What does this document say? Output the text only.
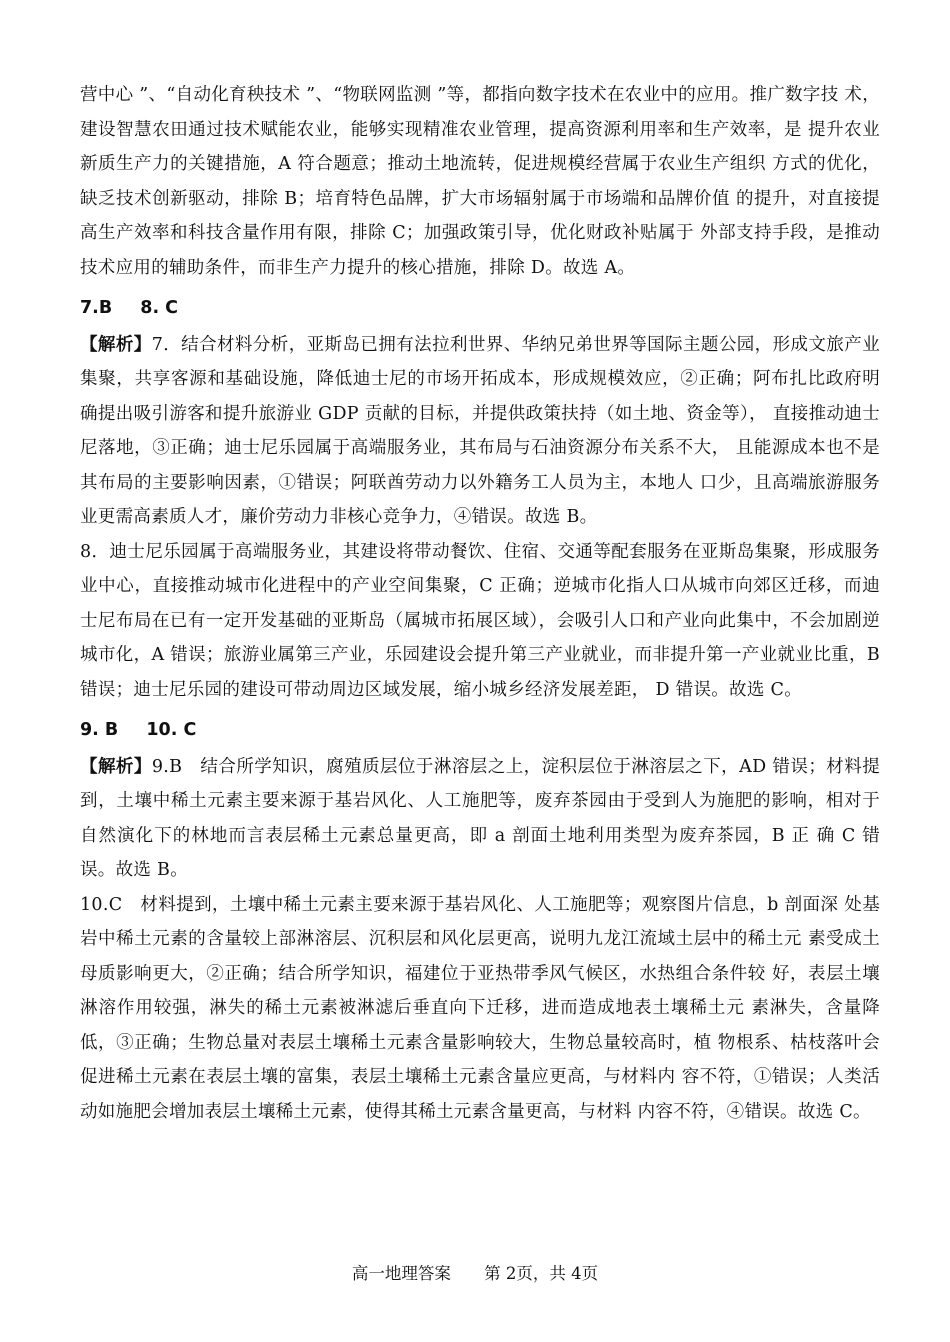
营中心 ”、“自动化育秧技术 ”、“物联网监测 ”等，都指向数字技术在农业中的应用。推广数字技 术，建设智慧农田通过技术赋能农业，能够实现精准农业管理，提高资源利用率和生产效率，是 提升农业新质生产力的关键措施，A 符合题意；推动土地流转，促进规模经营属于农业生产组织 方式的优化，缺乏技术创新驱动，排除 B；培育特色品牌，扩大市场辐射属于市场端和品牌价值 的提升，对直接提高生产效率和科技含量作用有限，排除 C；加强政策引导，优化财政补贴属于 外部支持手段，是推动技术应用的辅助条件，而非生产力提升的核心措施，排除 D。故选 A。

7.B 8. C

【解析】7．结合材料分析，亚斯岛已拥有法拉利世界、华纳兄弟世界等国际主题公园，形成文旅产业集聚，共享客源和基础设施，降低迪士尼的市场开拓成本，形成规模效应，②正确；阿布扎比政府明确提出吸引游客和提升旅游业 GDP 贡献的目标，并提供政策扶持（如土地、资金等）， 直接推动迪士尼落地，③正确；迪士尼乐园属于高端服务业，其布局与石油资源分布关系不大， 且能源成本也不是其布局的主要影响因素，①错误；阿联酋劳动力以外籍务工人员为主，本地人 口少，且高端旅游服务业更需高素质人才，廉价劳动力非核心竞争力，④错误。故选 B。

8．迪士尼乐园属于高端服务业，其建设将带动餐饮、住宿、交通等配套服务在亚斯岛集聚，形成服务业中心，直接推动城市化进程中的产业空间集聚，C 正确；逆城市化指人口从城市向郊区迁移，而迪士尼布局在已有一定开发基础的亚斯岛（属城市拓展区域），会吸引人口和产业向此集中，不会加剧逆城市化，A 错误；旅游业属第三产业，乐园建设会提升第三产业就业，而非提升第一产业就业比重，B 错误；迪士尼乐园的建设可带动周边区域发展，缩小城乡经济发展差距， D 错误。故选 C。

9. B 10. C

【解析】9.B　结合所学知识，腐殖质层位于淋溶层之上，淀积层位于淋溶层之下，AD 错误；材料提到，土壤中稀土元素主要来源于基岩风化、人工施肥等，废弃茶园由于受到人为施肥的影响，相对于自然演化下的林地而言表层稀土元素总量更高，即 a 剖面土地利用类型为废弃茶园，B 正 确 C 错误。故选 B。

10.C　材料提到，土壤中稀土元素主要来源于基岩风化、人工施肥等；观察图片信息，b 剖面深 处基岩中稀土元素的含量较上部淋溶层、沉积层和风化层更高，说明九龙江流域土层中的稀土元 素受成土母质影响更大，②正确；结合所学知识，福建位于亚热带季风气候区，水热组合条件较 好，表层土壤淋溶作用较强，淋失的稀土元素被淋滤后垂直向下迁移，进而造成地表土壤稀土元 素淋失，含量降低，③正确；生物总量对表层土壤稀土元素含量影响较大，生物总量较高时，植 物根系、枯枝落叶会促进稀土元素在表层土壤的富集，表层土壤稀土元素含量应更高，与材料内 容不符，①错误；人类活动如施肥会增加表层土壤稀土元素，使得其稀土元素含量更高，与材料 内容不符，④错误。故选 C。

高一地理答案 第 2页，共 4页
